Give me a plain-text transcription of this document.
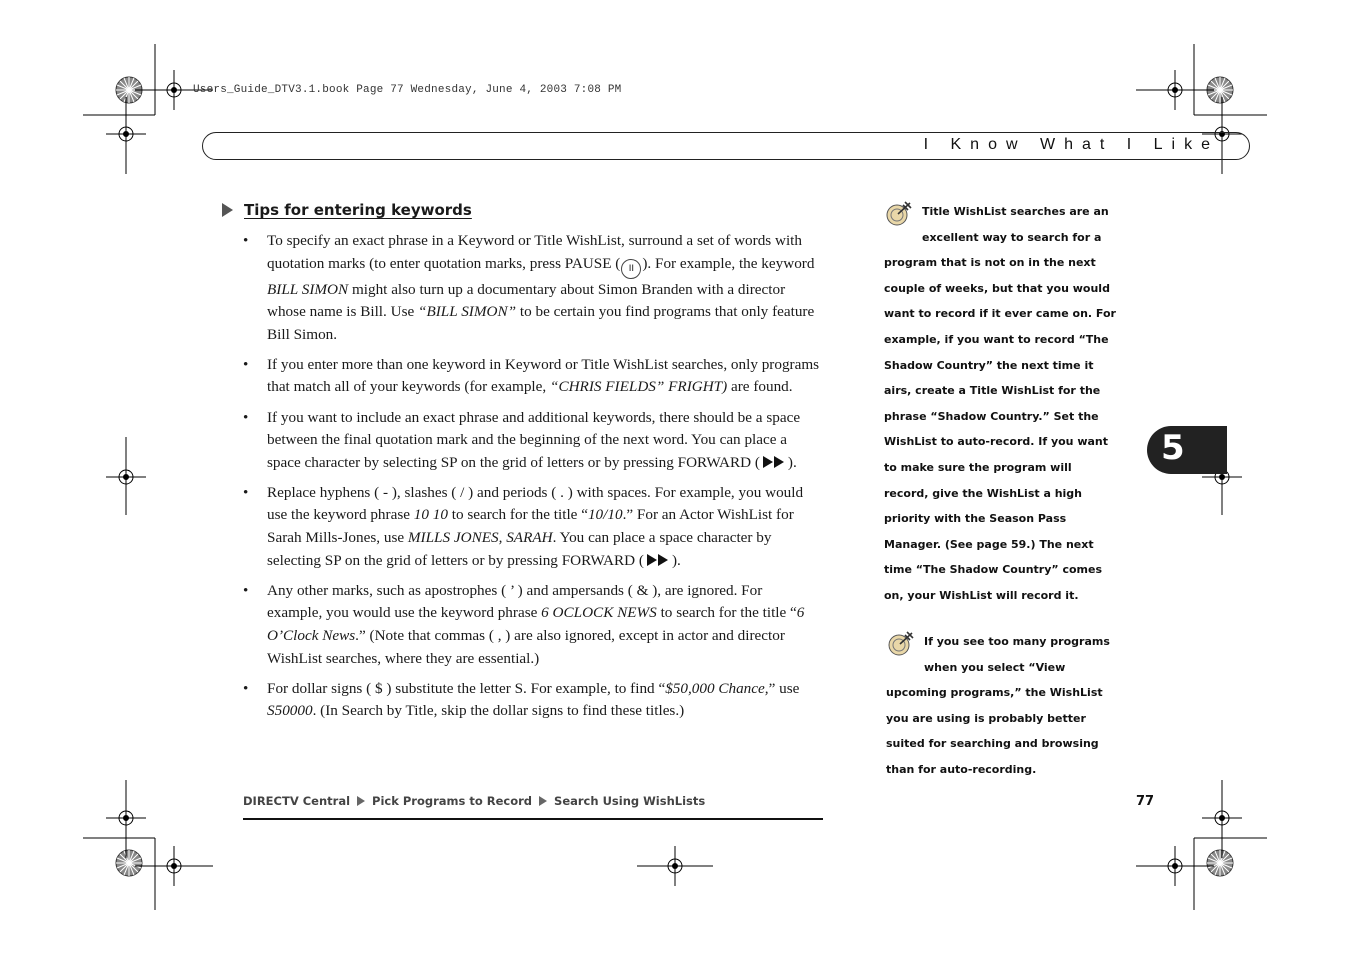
Users_Guide_DTV3.1.book Page 77 Wednesday, June 4, 2003 7:08 PM
I Know What I Like
Tips for entering keywords
• To specify an exact phrase in a Keyword or Title WishList, surround a set of words with quotation marks (to enter quotation marks, press PAUSE ( II ). For example, the keyword BILL SIMON might also turn up a documentary about Simon Branden with a director whose name is Bill. Use “BILL SIMON” to be certain you find programs that only feature Bill Simon.
• If you enter more than one keyword in Keyword or Title WishList searches, only programs that match all of your keywords (for example, “CHRIS FIELDS” FRIGHT) are found.
• If you want to include an exact phrase and additional keywords, there should be a space between the final quotation mark and the beginning of the next word. You can place a space character by selecting SP on the grid of letters or by pressing FORWARD ( ).
• Replace hyphens ( - ), slashes ( / ) and periods ( . ) with spaces. For example, you would use the keyword phrase 10 10 to search for the title “10/10.” For an Actor WishList for Sarah Mills-Jones, use MILLS JONES, SARAH. You can place a space character by selecting SP on the grid of letters or by pressing FORWARD ( ).
• Any other marks, such as apostrophes ( ’ ) and ampersands ( & ), are ignored. For example, you would use the keyword phrase 6 OCLOCK NEWS to search for the title “6 O’Clock News.” (Note that commas ( , ) are also ignored, except in actor and director WishList searches, where they are essential.)
• For dollar signs ( $ ) substitute the letter S. For example, to find “$50,000 Chance,” use S50000. (In Search by Title, skip the dollar signs to find these titles.)
Title WishList searches are an excellent way to search for a program that is not on in the next couple of weeks, but that you would want to record if it ever came on. For example, if you want to record “The Shadow Country” the next time it airs, create a Title WishList for the phrase “Shadow Country.” Set the WishList to auto-record. If you want to make sure the program will record, give the WishList a high priority with the Season Pass Manager. (See page 59.) The next time “The Shadow Country” comes on, your WishList will record it.
If you see too many programs when you select “View upcoming programs,” the WishList you are using is probably better suited for searching and browsing than for auto-recording.
5
DIRECTV Central Pick Programs to Record Search Using WishLists	77
